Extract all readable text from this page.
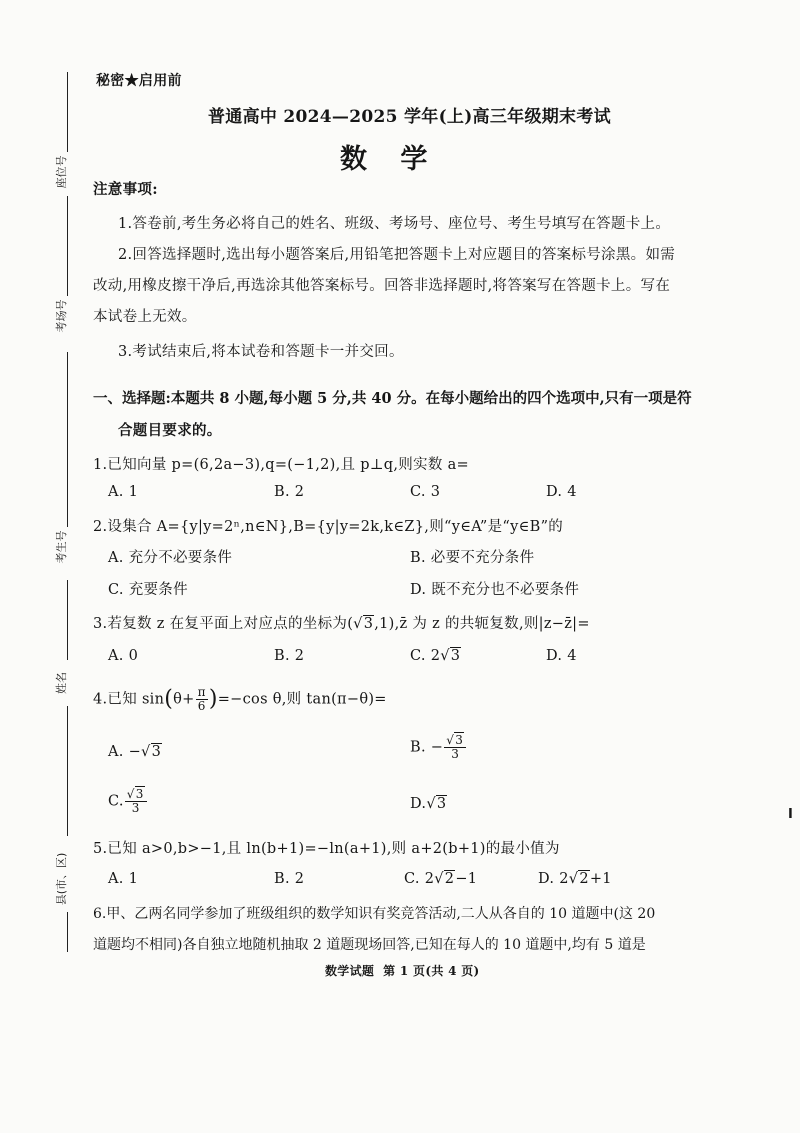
座位号
考场号
考生号
姓名
县(市、区)
秘密★启用前
普通高中 2024—2025 学年(上)高三年级期末考试
数 学
注意事项:
1.答卷前,考生务必将自己的姓名、班级、考场号、座位号、考生号填写在答题卡上。
2.回答选择题时,选出每小题答案后,用铅笔把答题卡上对应题目的答案标号涂黑。如需
改动,用橡皮擦干净后,再选涂其他答案标号。回答非选择题时,将答案写在答题卡上。写在
本试卷上无效。
3.考试结束后,将本试卷和答题卡一并交回。
一、选择题:本题共 8 小题,每小题 5 分,共 40 分。在每小题给出的四个选项中,只有一项是符
合题目要求的。
1.已知向量 p=(6,2a−3),q=(−1,2),且 p⊥q,则实数 a=
A. 1	B. 2	C. 3	D. 4
2.设集合 A={y|y=2ⁿ,n∈N},B={y|y=2k,k∈Z},则“y∈A”是“y∈B”的
A. 充分不必要条件	B. 必要不充分条件
C. 充要条件	D. 既不充分也不必要条件
3.若复数 z 在复平面上对应点的坐标为(√3,1),z̄ 为 z 的共轭复数,则|z−z̄|=
A. 0	B. 2	C. 2√3	D. 4
4.已知 $\sin(\theta+ \frac{\pi}{6} )=-\cos$ θ,则 tan(π−θ)=
A. −√3	B. − $\frac{√3}{3}$
C. $\frac{√3}{3}$	D.√3
5.已知 a>0,b>−1,且 ln(b+1)=−ln(a+1),则 a+2(b+1)的最小值为
A. 1	B. 2	C. 2√2−1	D. 2√2+1
6.甲、乙两名同学参加了班级组织的数学知识有奖竞答活动,二人从各自的 10 道题中(这 20
道题均不相同)各自独立地随机抽取 2 道题现场回答,已知在每人的 10 道题中,均有 5 道是
数学试题  第 1 页(共 4 页)
I
